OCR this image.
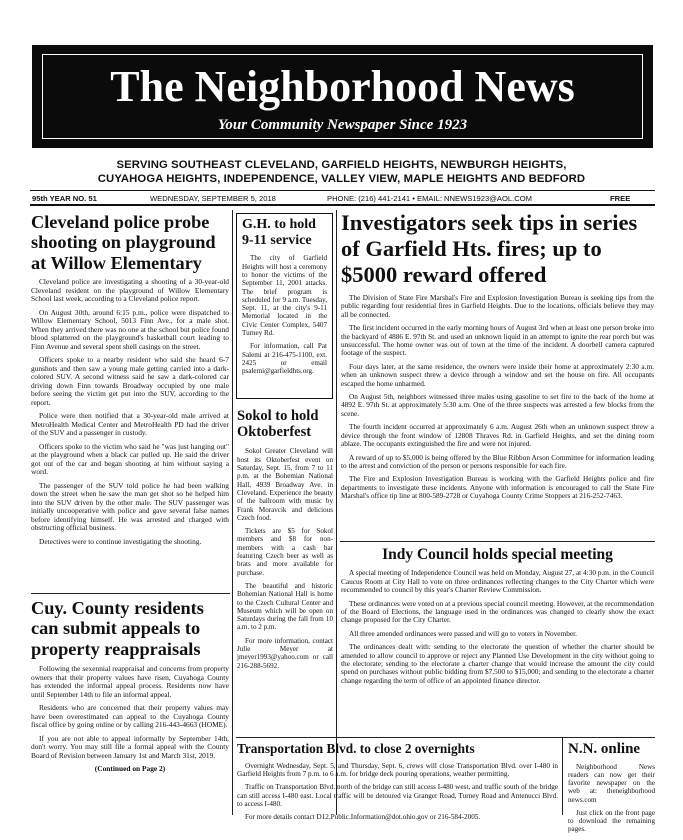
The Neighborhood News
Your Community Newspaper Since 1923
SERVING SOUTHEAST CLEVELAND, GARFIELD HEIGHTS, NEWBURGH HEIGHTS,
CUYAHOGA HEIGHTS, INDEPENDENCE, VALLEY VIEW, MAPLE HEIGHTS AND BEDFORD
95th YEAR NO. 51	WEDNESDAY, SEPTEMBER 5, 2018	PHONE: (216) 441-2141 • EMAIL: NNEWS1923@AOL.COM	FREE
Cleveland police probe shooting on playground at Willow Elementary

Cleveland police are investigating a shooting of a 30-year-old Cleveland resident on the playground of Willow Elementary School last week, according to a Cleveland police report.

On August 30th, around 6:15 p.m., police were dispatched to Willow Elementary School, 5013 Finn Ave., for a male shot. When they arrived there was no one at the school but police found blood splattered on the playground's basketball court leading to Finn Avenue and several spent shell casings on the street.

Officers spoke to a nearby resident who said she heard 6-7 gunshots and then saw a young male getting carried into a dark-colored SUV. A second witness said he saw a dark-colored car driving down Finn towards Broadway occupied by one male before seeing the victim get put into the SUV, according to the report.

Police were then notified that a 30-year-old male arrived at MetroHealth Medical Center and MetroHealth PD had the driver of the SUV and a passenger in custody.

Officers spoke to the victim who said he "was just hanging out" at the playground when a black car pulled up. He said the driver got out of the car and began shooting at him without saying a word.

The passenger of the SUV told police he had been walking down the street when he saw the man get shot so he helped him into the SUV driven by the other male. The SUV passenger was initially uncooperative with police and gave several false names before identifying himself. He was arrested and charged with obstructing official business.

Detectives were to continue investigating the shooting.

Cuy. County residents can submit appeals to property reappraisals

Following the sexennial reappraisal and concerns from property owners that their property values have risen, Cuyahoga County has extended the informal appeal process. Residents now have until September 14th to file an informal appeal.

Residents who are concerned that their property values may have been overestimated can appeal to the Cuyahoga County fiscal office by going online or by calling 216-443-4663 (HOME).

If you are not able to appeal informally by September 14th, don't worry. You may still file a formal appeal with the County Board of Revision between January 1st and March 31st, 2019.

(Continued on Page 2)
G.H. to hold 9-11 service

The city of Garfield Heights will host a ceremony to honor the victims of the September 11, 2001 attacks. The brief program is scheduled for 9 a.m. Tuesday, Sept. 11, at the city's 9-11 Memorial located in the Civic Center Complex, 5407 Turney Rd.

For information, call Pat Salemi at 216-475-1100, ext. 2425 or email psalemi@garfieldhts.org.

Sokol to hold Oktoberfest

Sokol Greater Cleveland will host its Oktoberfest event on Saturday, Sept. 15, from 7 to 11 p.m. at the Bohemian National Hall, 4939 Broadway Ave. in Cleveland. Experience the beauty of the ballroom with music by Frank Moravcik and delicious Czech food.

Tickets are $5 for Sokol members and $8 for non-members with a cash bar featuring Czech beer as well as brats and more available for purchase.

The beautiful and historic Bohemian National Hall is home to the Czech Cultural Center and Museum which will be open on Saturdays during the fall from 10 a.m. to 2 p.m.

For more information, contact Julie Meyer at jmeyer1993@yahoo.com or call 216-288-5692.

Investigators seek tips in series of Garfield Hts. fires; up to $5000 reward offered

The Division of State Fire Marshal's Fire and Explosion Investigation Bureau is seeking tips from the public regarding four residential fires in Garfield Heights. Due to the locations, officials believe they may all be connected.

The first incident occurred in the early morning hours of August 3rd when at least one person broke into the backyard of 4886 E. 97th St. and used an unknown liquid in an attempt to ignite the rear porch but was unsuccessful. The home owner was out of town at the time of the incident. A doorbell camera captured footage of the suspect.

Four days later, at the same residence, the owners were inside their home at approximately 2:30 a.m. when an unknown suspect threw a device through a window and set the house on fire. All occupants escaped the home unharmed.

On August 5th, neighbors witnessed three males using gasoline to set fire to the back of the home at 4892 E. 97th St. at approximately 5:30 a.m. One of the three suspects was arrested a few blocks from the scene.

The fourth incident occurred at approximately 6 a.m. August 26th when an unknown suspect threw a device through the front window of 12808 Thraves Rd. in Garfield Heights, and set the dining room ablaze. The occupants extinguished the fire and were not injured.

A reward of up to $5,000 is being offered by the Blue Ribbon Arson Committee for information leading to the arrest and conviction of the person or persons responsible for each fire.

The Fire and Explosion Investigation Bureau is working with the Garfield Heights police and fire departments to investigate these incidents. Anyone with information is encouraged to call the State Fire Marshal's office tip line at 800-589-2728 or Cuyahoga County Crime Stoppers at 216-252-7463.

Indy Council holds special meeting

A special meeting of Independence Council was held on Monday, August 27, at 4:30 p.m. in the Council Caucus Room at City Hall to vote on three ordinances reflecting changes to the City Charter which were recommended to council by this year's Charter Review Commission.

These ordinances were voted on at a previous special council meeting. However, at the recommendation of the Board of Elections, the language used in the ordinances was changed to clearly show the exact change proposed for the City Charter.

All three amended ordinances were passed and will go to voters in November.

The ordinances dealt with: sending to the electorate the question of whether the charter should be amended to allow council to approve or reject any Planned Use Development in the city without going to the electorate; sending to the electorate a charter change that would increase the amount the city could spend on purchases without public bidding from $7,500 to $15,000; and sending to the electorate a charter change regarding the term of office of an appointed finance director.

Transportation Blvd. to close 2 overnights

Overnight Wednesday, Sept. 5, and Thursday, Sept. 6, crews will close Transportation Blvd. over I-480 in Garfield Heights from 7 p.m. to 6 a.m. for bridge deck pouring operations, weather permitting.

Traffic on Transportation Blvd. north of the bridge can still access I-480 west, and traffic south of the bridge can still access I-480 east. Local traffic will be detoured via Granger Road, Turney Road and Antenucci Blvd. to access I-480.

For more details contact D12.Public.Information@dot.ohio.gov or 216-584-2005.

N.N. online

Neighborhood News readers can now get their favorite newspaper on the web at: theneighborhood news.com

Just click on the front page to download the remaining pages.
